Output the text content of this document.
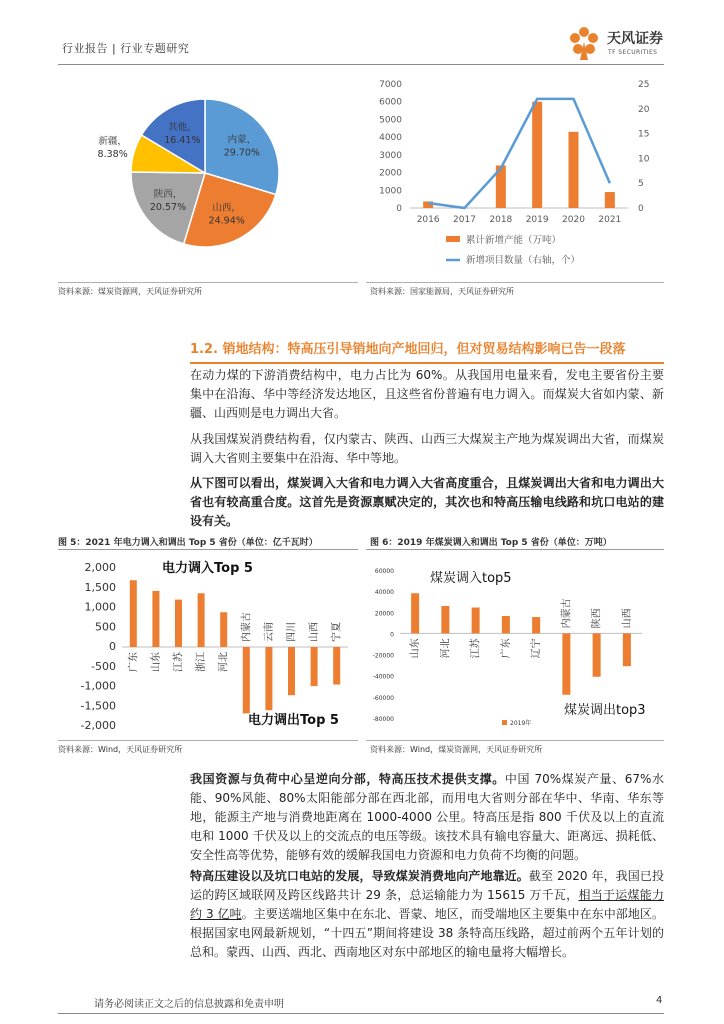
行业报告 | 行业专题研究
天风证券
TF SECURITIES
内蒙，
29.70%
山西，
24.94%
陕西，
20.57%
新疆，
8.38%
其他，
16.41%
7000
6000
5000
4000
3000
2000
1000
0
25
20
15
10
5
0
2016 2017 2018 2019 2020 2021
累计新增产能（万吨）
新增项目数量（右轴，个）
资料来源：煤炭资源网，天风证券研究所	资料来源：国家能源局，天风证券研究所
1.2. 销地结构：特高压引导销地向产地回归，但对贸易结构影响已告一段落
在动力煤的下游消费结构中，电力占比为 60%。从我国用电量来看，发电主要省份主要集中在沿海、华中等经济发达地区，且这些省份普遍有电力调入。而煤炭大省如内蒙、新疆、山西则是电力调出大省。
从我国煤炭消费结构看，仅内蒙古、陕西、山西三大煤炭主产地为煤炭调出大省，而煤炭调入大省则主要集中在沿海、华中等地。
从下图可以看出，煤炭调入大省和电力调入大省高度重合，且煤炭调出大省和电力调出大省也有较高重合度。这首先是资源禀赋决定的，其次也和特高压输电线路和坑口电站的建设有关。
图 5：2021 年电力调入和调出 Top 5 省份（单位：亿千瓦时）	图 6：2019 年煤炭调入和调出 Top 5 省份（单位：万吨）
2,000
1,500
1,000
500
0
-500
-1,000
-1,500
-2,000
广东 山东 江苏 浙江 河北
内蒙古 云南 四川 山西 宁夏
电力调入Top 5
电力调出Top 5
60000
40000
20000
0
-20000
-40000
-60000
-80000
山东 河北 江苏 广东 辽宁
内蒙古 陕西 山西
煤炭调入top5
煤炭调出top3
2019年
资料来源：Wind，天风证券研究所	资料来源：Wind，煤炭资源网，天风证券研究所
我国资源与负荷中心呈逆向分部，特高压技术提供支撑。中国 70%煤炭产量、67%水能、90%风能、80%太阳能部分部在西北部，而用电大省则分部在华中、华南、华东等地，能源主产地与消费地距离在 1000-4000 公里。特高压是指 800 千伏及以上的直流电和 1000 千伏及以上的交流点的电压等级。该技术具有输电容量大、距离远、损耗低、安全性高等优势，能够有效的缓解我国电力资源和电力负荷不均衡的问题。
特高压建设以及坑口电站的发展，导致煤炭消费地向产地靠近。截至 2020 年，我国已投运的跨区域联网及跨区线路共计 29 条，总运输能力为 15615 万千瓦，相当于运煤能力约 3 亿吨。主要送端地区集中在东北、晋蒙、地区，而受端地区主要集中在东中部地区。根据国家电网最新规划，“十四五”期间将建设 38 条特高压线路，超过前两个五年计划的总和。蒙西、山西、西北、西南地区对东中部地区的输电量将大幅增长。
请务必阅读正文之后的信息披露和免责申明	4
